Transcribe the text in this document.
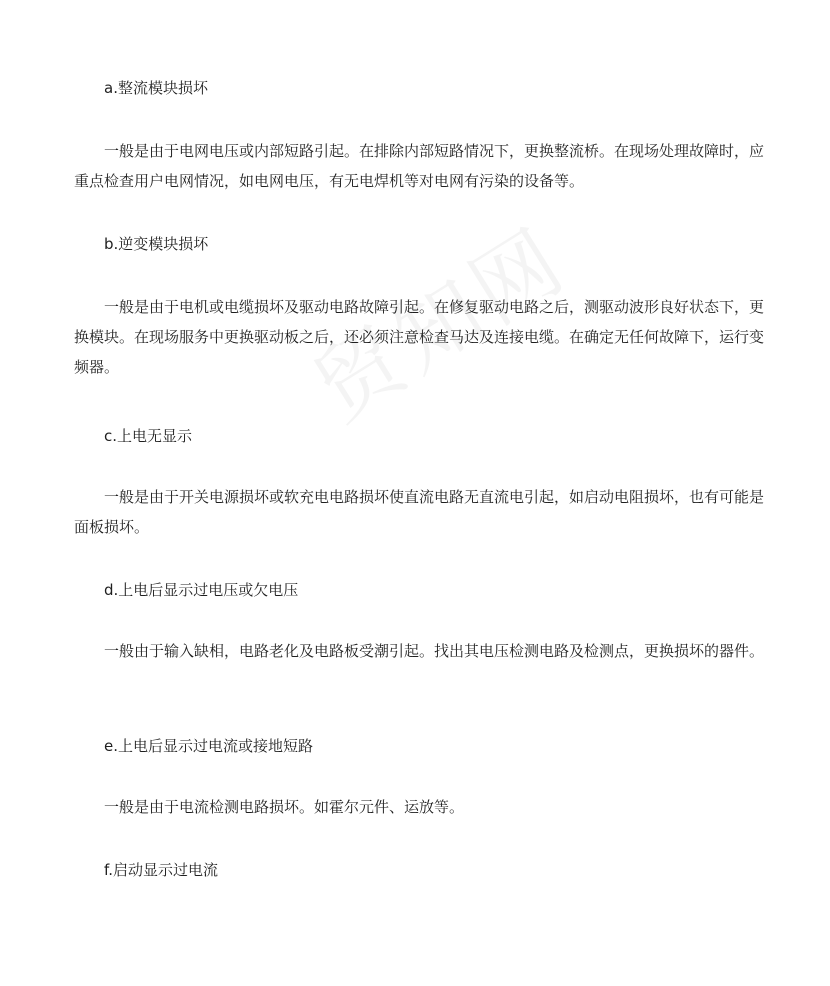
a.整流模块损坏
一般是由于电网电压或内部短路引起。在排除内部短路情况下，更换整流桥。在现场处理故障时，应重点检查用户电网情况，如电网电压，有无电焊机等对电网有污染的设备等。
b.逆变模块损坏
一般是由于电机或电缆损坏及驱动电路故障引起。在修复驱动电路之后，测驱动波形良好状态下，更换模块。在现场服务中更换驱动板之后，还必须注意检查马达及连接电缆。在确定无任何故障下，运行变频器。
c.上电无显示
一般是由于开关电源损坏或软充电电路损坏使直流电路无直流电引起，如启动电阻损坏，也有可能是面板损坏。
d.上电后显示过电压或欠电压
一般由于输入缺相，电路老化及电路板受潮引起。找出其电压检测电路及检测点，更换损坏的器件。
e.上电后显示过电流或接地短路
一般是由于电流检测电路损坏。如霍尔元件、运放等。
f.启动显示过电流
